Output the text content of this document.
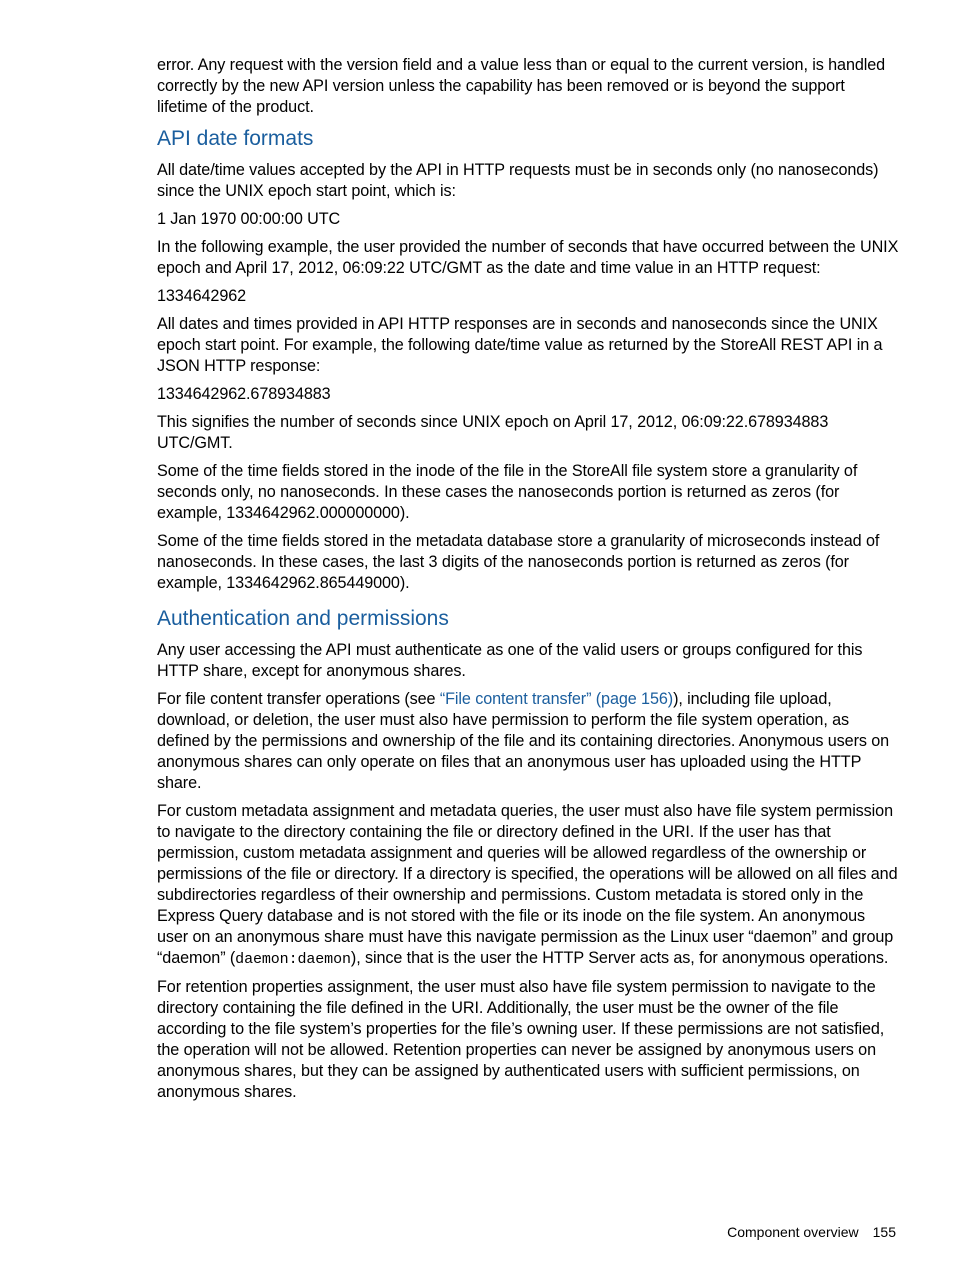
error. Any request with the version field and a value less than or equal to the current version, is handled correctly by the new API version unless the capability has been removed or is beyond the support lifetime of the product.

API date formats

All date/time values accepted by the API in HTTP requests must be in seconds only (no nanoseconds) since the UNIX epoch start point, which is:

1 Jan 1970 00:00:00 UTC

In the following example, the user provided the number of seconds that have occurred between the UNIX epoch and April 17, 2012, 06:09:22 UTC/GMT as the date and time value in an HTTP request:

1334642962

All dates and times provided in API HTTP responses are in seconds and nanoseconds since the UNIX epoch start point. For example, the following date/time value as returned by the StoreAll REST API in a JSON HTTP response:

1334642962.678934883

This signifies the number of seconds since UNIX epoch on April 17, 2012, 06:09:22.678934883 UTC/GMT.

Some of the time fields stored in the inode of the file in the StoreAll file system store a granularity of seconds only, no nanoseconds. In these cases the nanoseconds portion is returned as zeros (for example, 1334642962.000000000).

Some of the time fields stored in the metadata database store a granularity of microseconds instead of nanoseconds. In these cases, the last 3 digits of the nanoseconds portion is returned as zeros (for example, 1334642962.865449000).

Authentication and permissions

Any user accessing the API must authenticate as one of the valid users or groups configured for this HTTP share, except for anonymous shares.

For file content transfer operations (see “File content transfer” (page 156)), including file upload, download, or deletion, the user must also have permission to perform the file system operation, as defined by the permissions and ownership of the file and its containing directories. Anonymous users on anonymous shares can only operate on files that an anonymous user has uploaded using the HTTP share.

For custom metadata assignment and metadata queries, the user must also have file system permission to navigate to the directory containing the file or directory defined in the URI. If the user has that permission, custom metadata assignment and queries will be allowed regardless of the ownership or permissions of the file or directory. If a directory is specified, the operations will be allowed on all files and subdirectories regardless of their ownership and permissions. Custom metadata is stored only in the Express Query database and is not stored with the file or its inode on the file system. An anonymous user on an anonymous share must have this navigate permission as the Linux user “daemon” and group “daemon” (daemon:daemon), since that is the user the HTTP Server acts as, for anonymous operations.

For retention properties assignment, the user must also have file system permission to navigate to the directory containing the file defined in the URI. Additionally, the user must be the owner of the file according to the file system’s properties for the file’s owning user. If these permissions are not satisfied, the operation will not be allowed. Retention properties can never be assigned by anonymous users on anonymous shares, but they can be assigned by authenticated users with sufficient permissions, on anonymous shares.

Component overview 155
